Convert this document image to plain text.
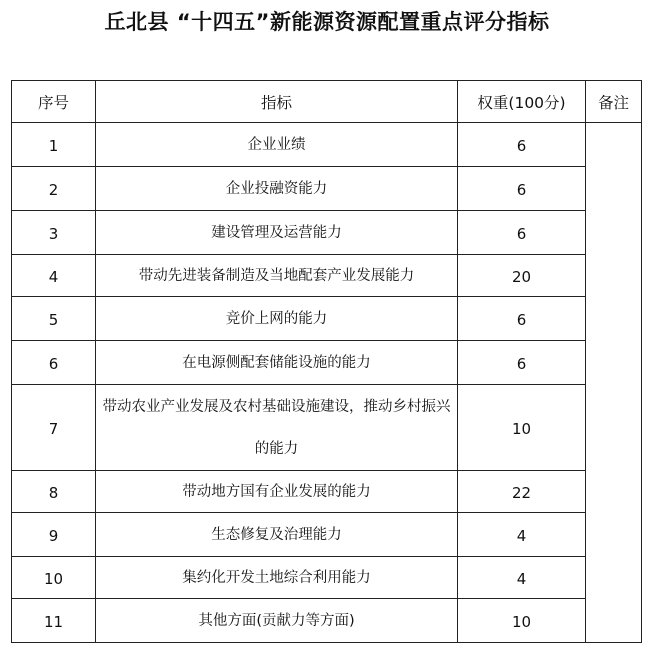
丘北县 “十四五”新能源资源配置重点评分指标
序号	指标	权重(100分)	备注
1	企业业绩	6	
2	企业投融资能力	6	
3	建设管理及运营能力	6	
4	带动先进装备制造及当地配套产业发展能力	20	
5	竞价上网的能力	6	
6	在电源侧配套储能设施的能力	6	
7	带动农业产业发展及农村基础设施建设，推动乡村振兴的能力	10	
8	带动地方国有企业发展的能力	22	
9	生态修复及治理能力	4	
10	集约化开发土地综合利用能力	4	
11	其他方面(贡献力等方面)	10	
